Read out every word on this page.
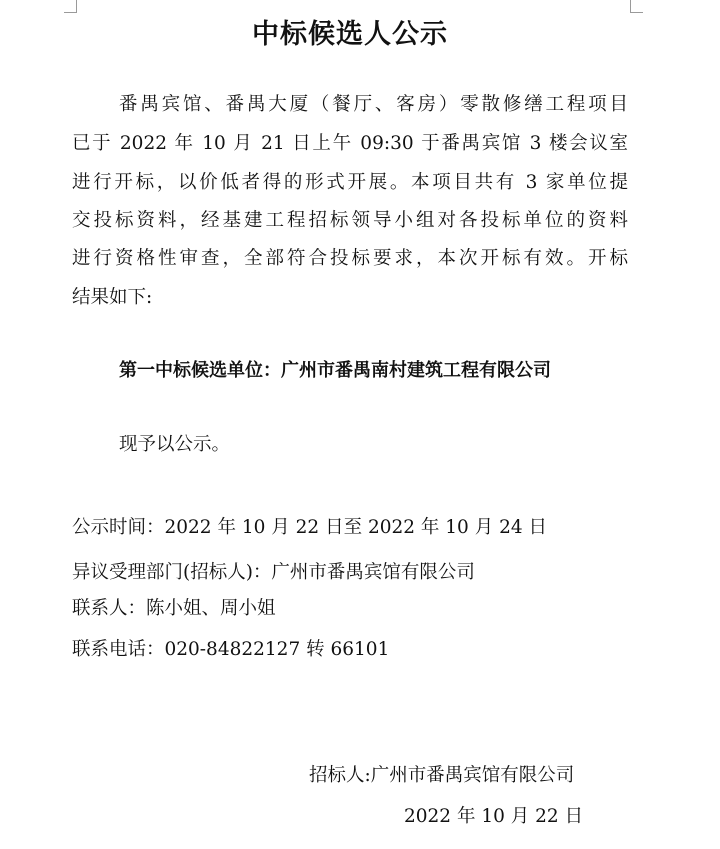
中标候选人公示
番禺宾馆、番禺大厦（餐厅、客房）零散修缮工程项目
已于 2022 年 10 月 21 日上午 09:30 于番禺宾馆 3 楼会议室
进行开标，以价低者得的形式开展。本项目共有 3 家单位提
交投标资料，经基建工程招标领导小组对各投标单位的资料
进行资格性审查，全部符合投标要求，本次开标有效。开标
结果如下:
第一中标候选单位：广州市番禺南村建筑工程有限公司
现予以公示。
公示时间：2022 年 10 月 22 日至 2022 年 10 月 24 日
异议受理部门(招标人)：广州市番禺宾馆有限公司
联系人：陈小姐、周小姐
联系电话：020-84822127 转 66101
招标人:广州市番禺宾馆有限公司
2022 年 10 月 22 日
